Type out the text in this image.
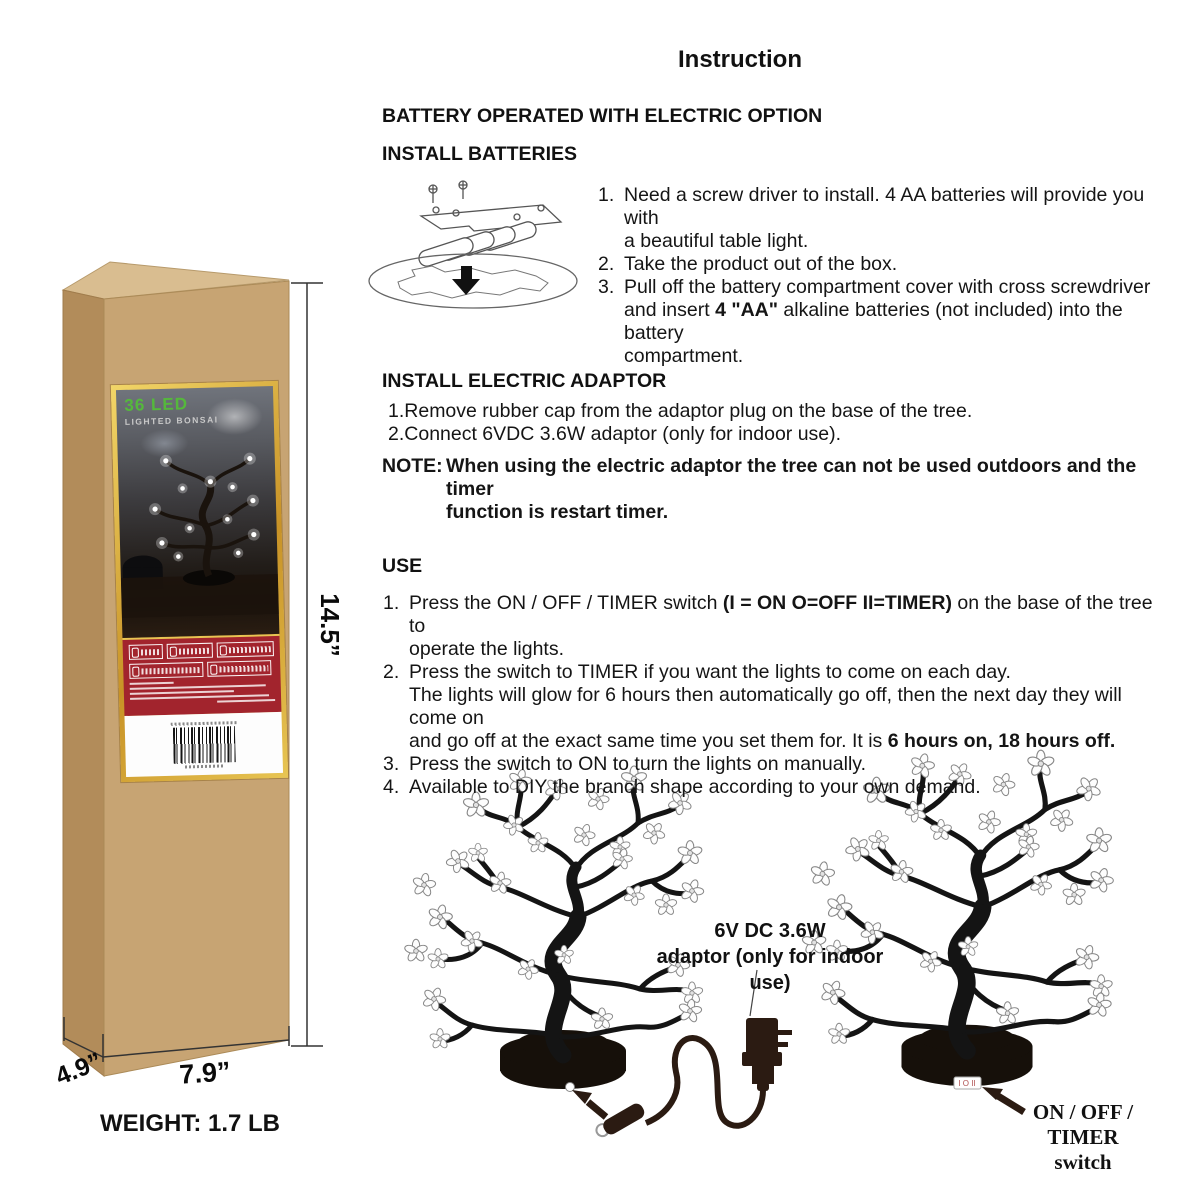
I O II
36 LED
LIGHTED BONSAI
Instruction
BATTERY OPERATED WITH ELECTRIC OPTION
INSTALL BATTERIES
1. Need a screw driver to install. 4 AA batteries will provide you with
a beautiful table light.
2. Take the product out of the box.
3. Pull off the battery compartment cover with cross screwdriver
and insert 4 "AA" alkaline batteries (not included) into the battery
compartment.
INSTALL ELECTRIC ADAPTOR
1.Remove rubber cap from the adaptor plug on the base of the tree.
2.Connect 6VDC 3.6W adaptor (only for indoor use).
NOTE: When using the electric adaptor the tree can not be used outdoors and the timer
function is restart timer.
USE
1. Press the ON / OFF / TIMER switch (I = ON O=OFF II=TIMER) on the base of the tree to
operate the lights.
2. Press the switch to TIMER if you want the lights to come on each day.
The lights will glow for 6 hours then automatically go off, then the next day they will come on
and go off at the exact same time you set them for. It is 6 hours on, 18 hours off.
3. Press the switch to ON to turn the lights on manually.
4. Available to DIY the branch shape according to your own demand.
14.5”
7.9”
4.9”
WEIGHT: 1.7 LB
6V DC 3.6W
adaptor (only for indoor use)
ON / OFF / TIMER
switch
